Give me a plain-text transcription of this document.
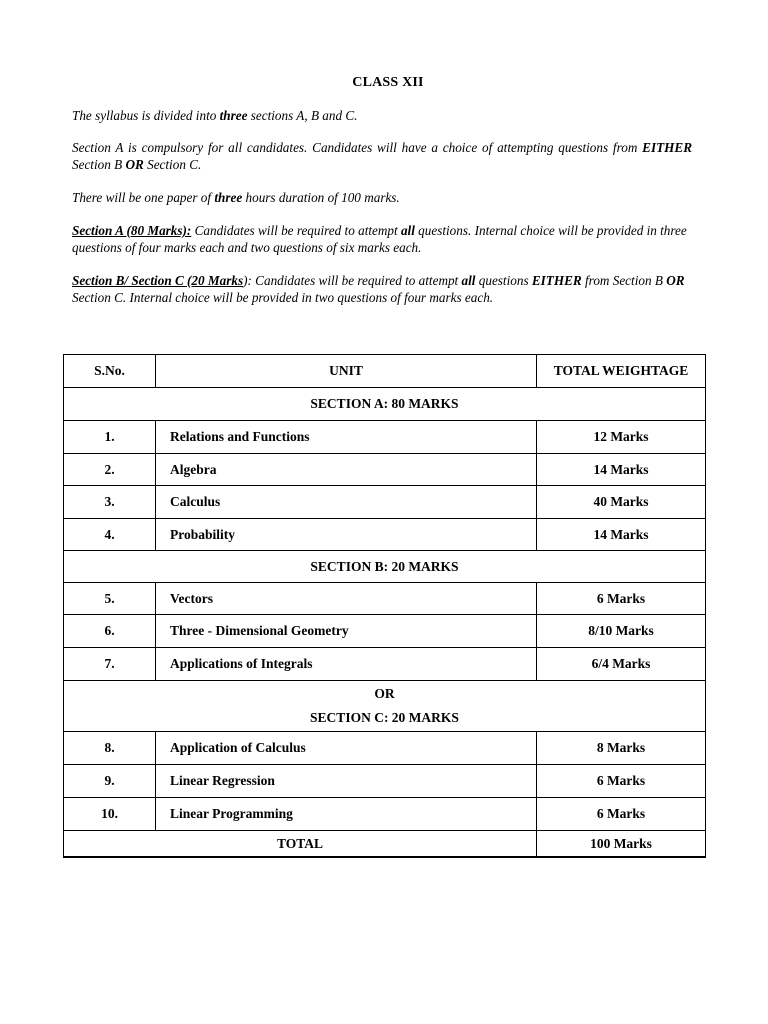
CLASS XII
The syllabus is divided into three sections A, B and C.
Section A is compulsory for all candidates. Candidates will have a choice of attempting questions from EITHER Section B OR Section C.
There will be one paper of three hours duration of 100 marks.
Section A (80 Marks): Candidates will be required to attempt all questions. Internal choice will be provided in three questions of four marks each and two questions of six marks each.
Section B/ Section C (20 Marks): Candidates will be required to attempt all questions EITHER from Section B OR Section C. Internal choice will be provided in two questions of four marks each.
S.No.	UNIT	TOTAL WEIGHTAGE
SECTION A: 80 MARKS		
1.	Relations and Functions	12 Marks
2.	Algebra	14 Marks
3.	Calculus	40 Marks
4.	Probability	14 Marks
SECTION B: 20 MARKS		
5.	Vectors	6 Marks
6.	Three - Dimensional Geometry	8/10 Marks
7.	Applications of Integrals	6/4 Marks

OR
SECTION C: 20 MARKS		

8.	Application of Calculus	8 Marks
9.	Linear Regression	6 Marks
10.	Linear Programming	6 Marks
TOTAL		100 Marks
